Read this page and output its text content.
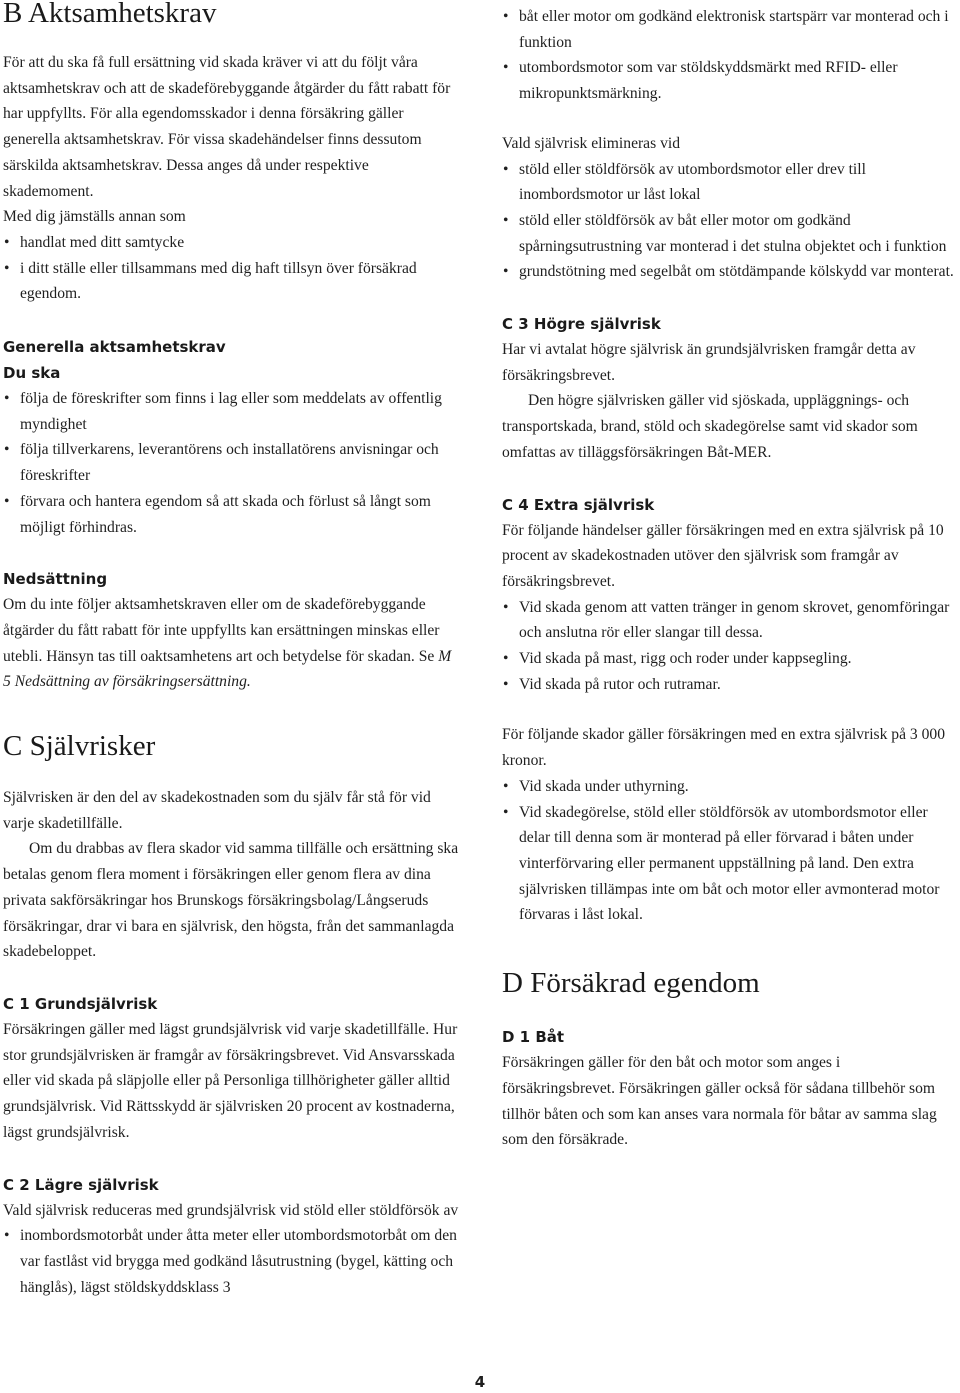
B Aktsamhetskrav

För att du ska få full ersättning vid skada kräver vi att du följt våra aktsamhetskrav och att de skadeförebyggande åtgärder du fått rabatt för har uppfyllts. För alla egendomsskador i denna försäkring gäller generella aktsamhetskrav. För vissa skadehändelser finns dessutom särskilda aktsamhetskrav. Dessa anges då under respektive skademoment.

Med dig jämställs annan som

• handlat med ditt samtycke
• i ditt ställe eller tillsammans med dig haft tillsyn över försäkrad egendom.
Generella aktsamhetskrav
Du ska
• följa de föreskrifter som finns i lag eller som meddelats av offentlig myndighet
• följa tillverkarens, leverantörens och installatörens anvisningar och föreskrifter
• förvara och hantera egendom så att skada och förlust så långt som möjligt förhindras.
Nedsättning

Om du inte följer aktsamhetskraven eller om de skadeförebyggande åtgärder du fått rabatt för inte uppfyllts kan ersättningen minskas eller utebli. Hänsyn tas till oaktsamhetens art och betydelse för skadan. Se M 5 Nedsättning av försäkringsersättning.

C Självrisker

Självrisken är den del av skadekostnaden som du själv får stå för vid varje skadetillfälle.

Om du drabbas av flera skador vid samma tillfälle och ersättning ska betalas genom flera moment i försäkringen eller genom flera av dina privata sakförsäkringar hos Brunskogs försäkringsbolag/Långseruds försäkringar, drar vi bara en självrisk, den högsta, från det sammanlagda skadebeloppet.

C 1 Grundsjälvrisk

Försäkringen gäller med lägst grundsjälvrisk vid varje skadetillfälle. Hur stor grundsjälvrisken är framgår av försäkringsbrevet. Vid Ansvarsskada eller vid skada på släpjolle eller på Personliga tillhörigheter gäller alltid grundsjälvrisk. Vid Rättsskydd är självrisken 20 procent av kostnaderna, lägst grundsjälvrisk.

C 2 Lägre självrisk

Vald självrisk reduceras med grundsjälvrisk vid stöld eller stöldförsök av

• inombordsmotorbåt under åtta meter eller utombordsmotorbåt om den var fastlåst vid brygga med godkänd låsutrustning (bygel, kätting och hänglås), lägst stöldskyddsklass 3
• båt eller motor om godkänd elektronisk startspärr var monterad och i funktion
• utombordsmotor som var stöldskyddsmärkt med RFID- eller mikropunktsmärkning.

Vald självrisk elimineras vid

• stöld eller stöldförsök av utombordsmotor eller drev till inombordsmotor ur låst lokal
• stöld eller stöldförsök av båt eller motor om godkänd spårningsutrustning var monterad i det stulna objektet och i funktion
• grundstötning med segelbåt om stötdämpande kölskydd var monterat.
C 3 Högre självrisk

Har vi avtalat högre självrisk än grundsjälvrisken framgår detta av försäkringsbrevet.

Den högre självrisken gäller vid sjöskada, uppläggnings- och transportskada, brand, stöld och skadegörelse samt vid skador som omfattas av tilläggsförsäkringen Båt-MER.

C 4 Extra självrisk

För följande händelser gäller försäkringen med en extra självrisk på 10 procent av skadekostnaden utöver den självrisk som framgår av försäkringsbrevet.

• Vid skada genom att vatten tränger in genom skrovet, genomföringar och anslutna rör eller slangar till dessa.
• Vid skada på mast, rigg och roder under kappsegling.
• Vid skada på rutor och rutramar.

För följande skador gäller försäkringen med en extra självrisk på 3 000 kronor.

• Vid skada under uthyrning.
• Vid skadegörelse, stöld eller stöldförsök av utombordsmotor eller delar till denna som är monterad på eller förvarad i båten under vinterförvaring eller permanent uppställning på land. Den extra självrisken tillämpas inte om båt och motor eller avmonterad motor förvaras i låst lokal.
D Försäkrad egendom
D 1 Båt

Försäkringen gäller för den båt och motor som anges i försäkringsbrevet. Försäkringen gäller också för sådana tillbehör som tillhör båten och som kan anses vara normala för båtar av samma slag som den försäkrade.

4
